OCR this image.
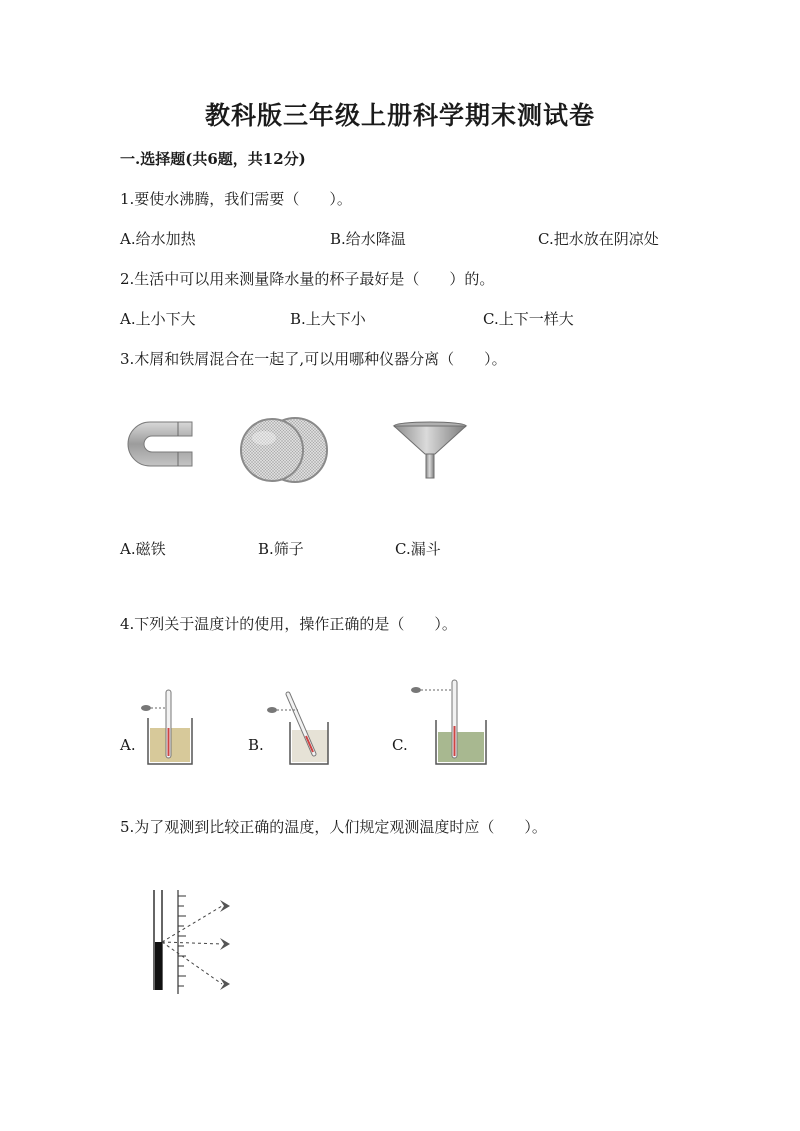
教科版三年级上册科学期末测试卷
一.选择题(共6题，共12分)
1.要使水沸腾，我们需要（　　）。
A.给水加热	B.给水降温	C.把水放在阴凉处
2.生活中可以用来测量降水量的杯子最好是（　　）的。
A.上小下大	B.上大下小	C.上下一样大
3.木屑和铁屑混合在一起了,可以用哪种仪器分离（　　）。
A.磁铁	B.筛子	C.漏斗
4.下列关于温度计的使用，操作正确的是（　　）。
A.	B.	C.
5.为了观测到比较正确的温度，人们规定观测温度时应（　　）。
